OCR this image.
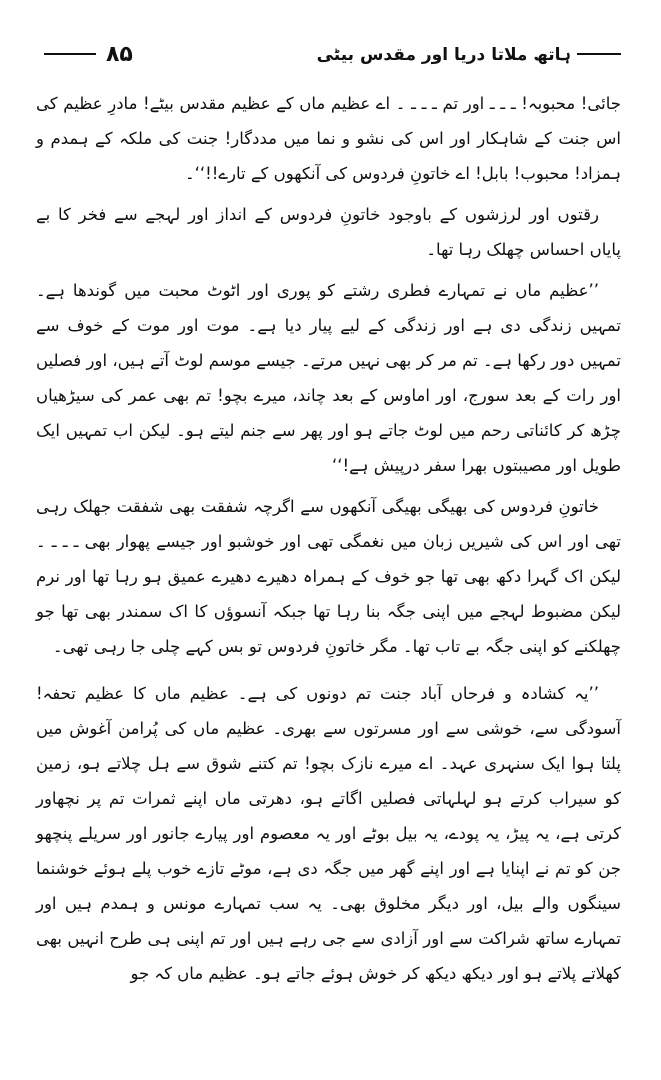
۸۵	ہاتھ ملاتا دریا اور مقدس بیٹی

جائی! محبوبہ! ـ ـ ـ اور تم ـ ـ ـ ۔ اے عظیم ماں کے عظیم مقدس بیٹے! مادرِ عظیم کی اس جنت کے شاہکار اور اس کی نشو و نما میں مددگار! جنت کی ملکہ کے ہمدم و ہمزاد! محبوب! بابل! اے خاتونِ فردوس کی آنکھوں کے تارے!!‘‘۔

رقتوں اور لرزشوں کے باوجود خاتونِ فردوس کے انداز اور لہجے سے فخر کا بے پایاں احساس چھلک رہا تھا۔

’’عظیم ماں نے تمہارے فطری رشتے کو پوری اور اٹوٹ محبت میں گوندھا ہے۔ تمہیں زندگی دی ہے اور زندگی کے لیے پیار دیا ہے۔ موت اور موت کے خوف سے تمہیں دور رکھا ہے۔ تم مر کر بھی نہیں مرتے۔ جیسے موسم لوٹ آتے ہیں، اور فصلیں اور رات کے بعد سورج، اور اماوس کے بعد چاند، میرے بچو! تم بھی عمر کی سیڑھیاں چڑھ کر کائناتی رحم میں لوٹ جاتے ہو اور پھر سے جنم لیتے ہو۔ لیکن اب تمہیں ایک طویل اور مصیبتوں بھرا سفر درپیش ہے!‘‘

خاتونِ فردوس کی بھیگی بھیگی آنکھوں سے اگرچہ شفقت بھی شفقت جھلک رہی تھی اور اس کی شیریں زبان میں نغمگی تھی اور خوشبو اور جیسے پھوار بھی ـ ـ ـ ۔ لیکن اک گہرا دکھ بھی تھا جو خوف کے ہمراہ دھیرے دھیرے عمیق ہو رہا تھا اور نرم لیکن مضبوط لہجے میں اپنی جگہ بنا رہا تھا جبکہ آنسوؤں کا اک سمندر بھی تھا جو چھلکنے کو اپنی جگہ بے تاب تھا۔ مگر خاتونِ فردوس تو بس کہے چلی جا رہی تھی۔

’’یہ کشادہ و فرحاں آباد جنت تم دونوں کی ہے۔ عظیم ماں کا عظیم تحفہ! آسودگی سے، خوشی سے اور مسرتوں سے بھری۔ عظیم ماں کی پُرامن آغوش میں پلتا ہوا ایک سنہری عہد۔ اے میرے نازک بچو! تم کتنے شوق سے ہل چلاتے ہو، زمین کو سیراب کرتے ہو لہلہاتی فصلیں اگاتے ہو، دھرتی ماں اپنے ثمرات تم پر نچھاور کرتی ہے، یہ پیڑ، یہ پودے، یہ بیل بوٹے اور یہ معصوم اور پیارے جانور اور سریلے پنچھو جن کو تم نے اپنایا ہے اور اپنے گھر میں جگہ دی ہے، موٹے تازے خوب پلے ہوئے خوشنما سینگوں والے بیل، اور دیگر مخلوق بھی۔ یہ سب تمہارے مونس و ہمدم ہیں اور تمہارے ساتھ شراکت سے اور آزادی سے جی رہے ہیں اور تم اپنی ہی طرح انہیں بھی کھلاتے پلاتے ہو اور دیکھ دیکھ کر خوش ہوئے جاتے ہو۔ عظیم ماں کہ جو
